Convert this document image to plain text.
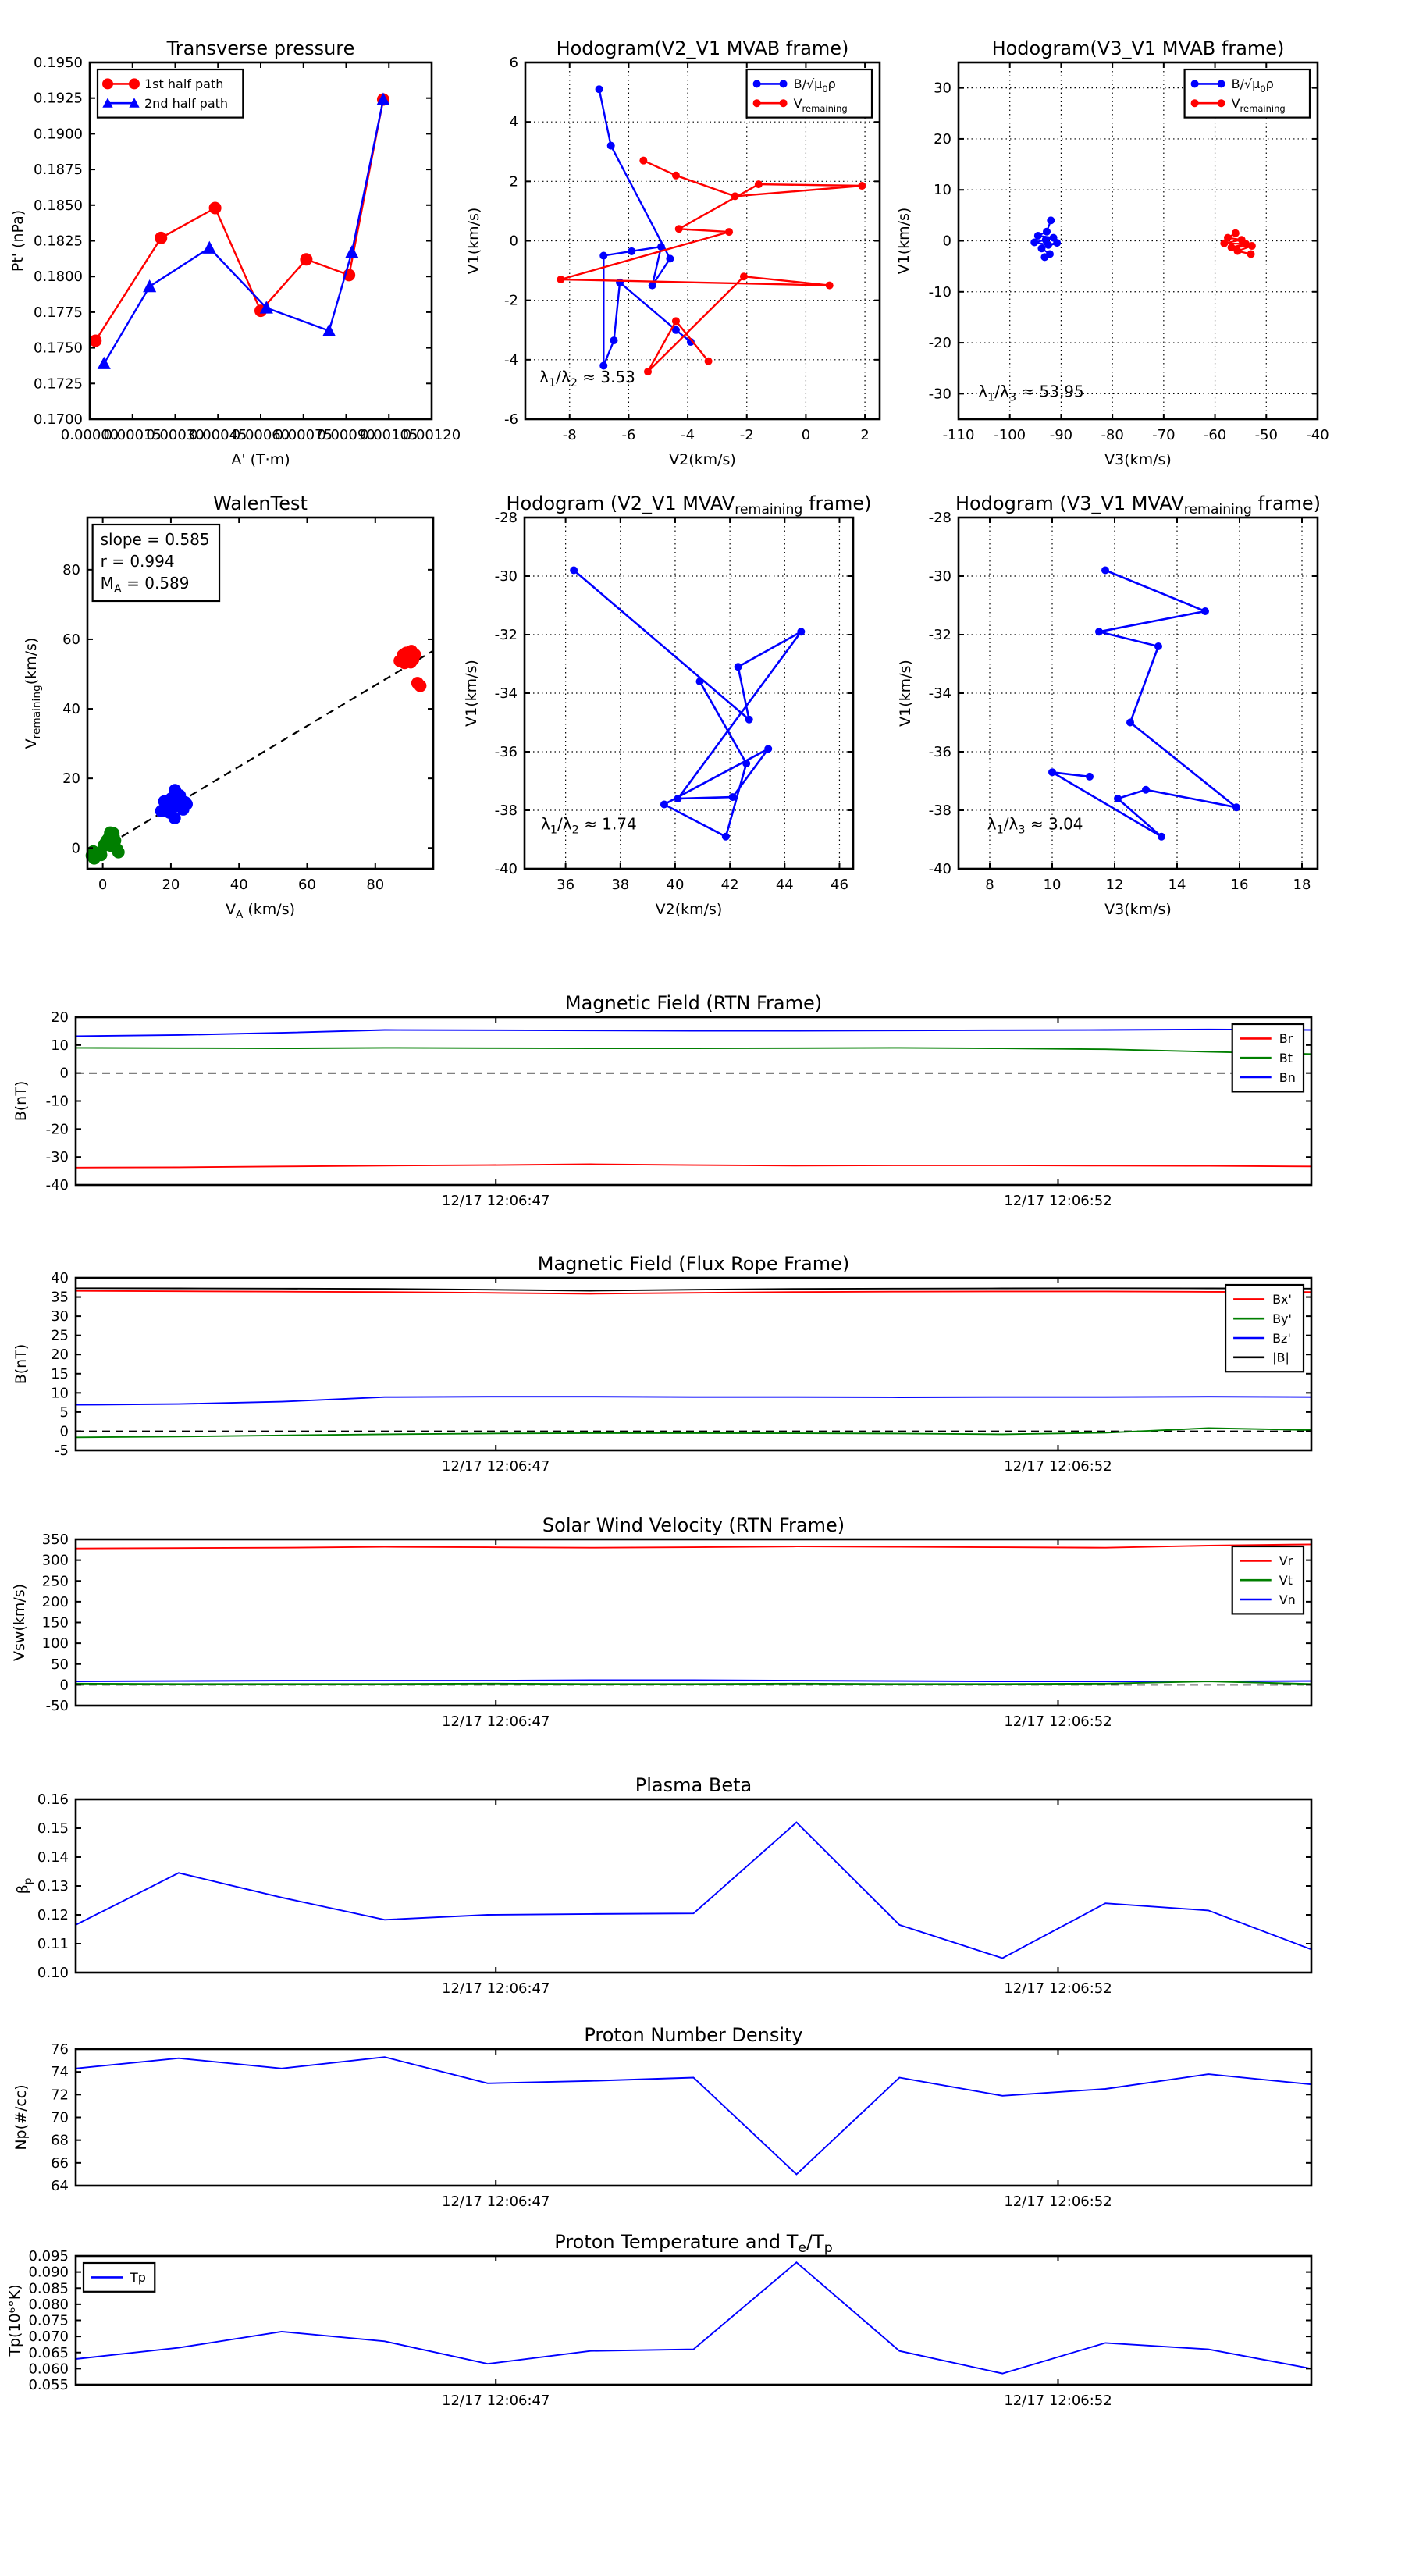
0.00000
0.00015
0.00030
0.00045
0.00060
0.00075
0.00090
0.00105
0.00120
0.1700
0.1725
0.1750
0.1775
0.1800
0.1825
0.1850
0.1875
0.1900
0.1925
0.1950
Transverse pressure
A' (T·m)
Pt' (nPa)
1st half path
2nd half path
-8	-6	-4	-2	0	2
-6
-4
-2
0
2
4
6
Hodogram(V2_V1 MVAB frame)
V2(km/s)
V1(km/s)
$B/√\mu_0\rho$
$V_{remaining}$
$\lambda_1/\lambda_2 \approx 3.53$
-110 -100 -90 -80 -70 -60 -50 -40
-30
-20
-10
0
10
20
30
Hodogram(V3_V1 MVAB frame)
V3(km/s)
V1(km/s)
$B/√\mu_0\rho$
$V_{remaining}$
$\lambda_1/\lambda_3 \approx 53.95$
0	20	40	60	80
0
20
40
60
80
WalenTest
$V_A$ (km/s)
$V_{remaining}(km/s)$
slope = 0.585
r = 0.994
$M_A = 0.589$
36	38	40	42	44	46
-40
-38
-36
-34
-32
-30
-28
Hodogram (V2_V1 $MVAV_{remaining}$ frame)
V2(km/s)
V1(km/s)
$\lambda_1/\lambda_2 \approx 1.74$
8	10	12	14	16	18
-40
-38
-36
-34
-32
-30
-28
Hodogram (V3_V1 $MVAV_{remaining}$ frame)
V3(km/s)
V1(km/s)
$\lambda_1/\lambda_3 \approx 3.04$
12/17 12:06:47	12/17 12:06:52
-40
-30
-20
-10
0
10
20
Magnetic Field (RTN Frame)
B(nT)
Br
Bt
Bn
12/17 12:06:47	12/17 12:06:52
-5
0
5
10
15
20
25
30
35
40
Magnetic Field (Flux Rope Frame)
B(nT)
Bx'
By'
Bz'
|B|
12/17 12:06:47	12/17 12:06:52
-50
0
50
100
150
200
250
300
350
Solar Wind Velocity (RTN Frame)
Vsw(km/s)
Vr
Vt
Vn
12/17 12:06:47	12/17 12:06:52
0.10
0.11
0.12
0.13
0.14
0.15
0.16
Plasma Beta
$\beta_p$
12/17 12:06:47	12/17 12:06:52
64
66
68
70
72
74
76
Proton Number Density
Np(#/cc)
12/17 12:06:47	12/17 12:06:52
0.055
0.060
0.065
0.070
0.075
0.080
0.085
0.090
0.095
Proton Temperature and $T_e/T_p$
Tp(10⁶°K)
Tp
